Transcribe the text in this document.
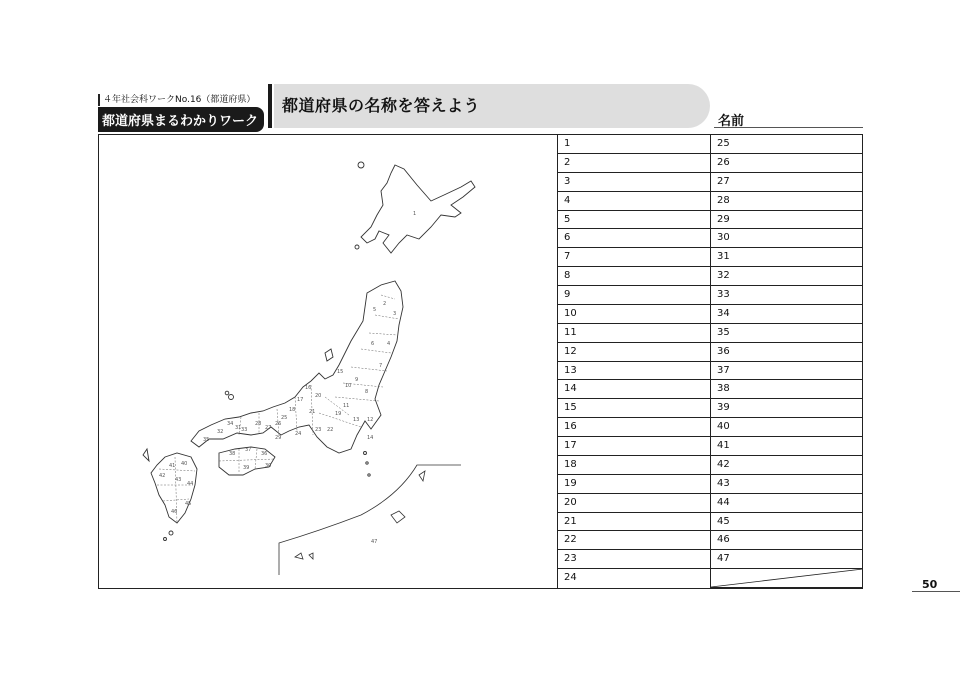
４年社会科ワークNo.16（都道府県）
都道府県まるわかりワーク
都道府県の名称を答えよう
名前
1
47
2
3
4
5
6
7
8
9
10
11
12
13
14
15
16
17
18
19
20
21
22
23
24
25
26
27
28
29
30
31
32	33
34
35
36
37
38
39
40
41
42
43
44
45
46
1
2
3
4
5
6
7
8
9
10
11
12
13
14
15
16
17
18
19
20
21
22
23
24
25
26
27
28
29
30
31
32
33
34
35
36
37
38
39
40
41
42
43
44
45
46
47
50
